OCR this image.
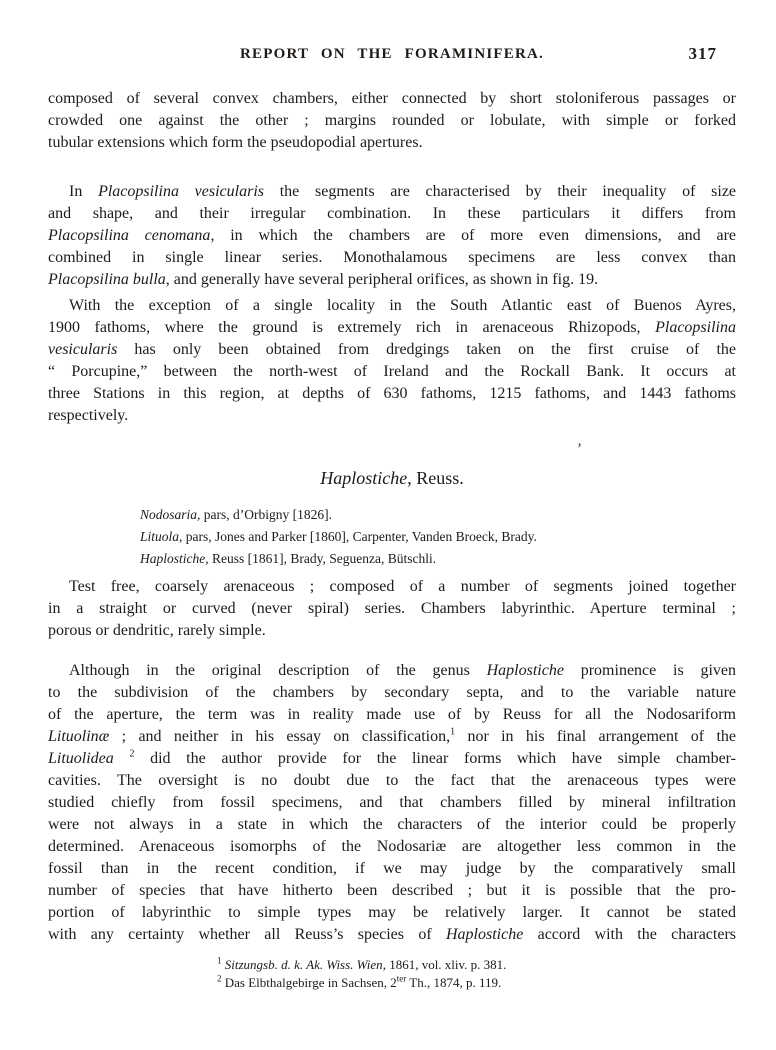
REPORT ON THE FORAMINIFERA.	317
’
composed of several convex chambers, either connected by short stoloniferous passages or
crowded one against the other ; margins rounded or lobulate, with simple or forked
tubular extensions which form the pseudopodial apertures.
In Placopsilina vesicularis the segments are characterised by their inequality of size
and shape, and their irregular combination. In these particulars it differs from
Placopsilina cenomana, in which the chambers are of more even dimensions, and are
combined in single linear series. Monothalamous specimens are less convex than
Placopsilina bulla, and generally have several peripheral orifices, as shown in fig. 19.
With the exception of a single locality in the South Atlantic east of Buenos Ayres,
1900 fathoms, where the ground is extremely rich in arenaceous Rhizopods, Placopsilina
vesicularis has only been obtained from dredgings taken on the first cruise of the
“ Porcupine,” between the north-west of Ireland and the Rockall Bank. It occurs at
three Stations in this region, at depths of 630 fathoms, 1215 fathoms, and 1443 fathoms
respectively.
Haplostiche, Reuss.
Nodosaria, pars, d’Orbigny [1826].
Lituola, pars, Jones and Parker [1860], Carpenter, Vanden Broeck, Brady.
Haplostiche, Reuss [1861], Brady, Seguenza, Bütschli.
Test free, coarsely arenaceous ; composed of a number of segments joined together
in a straight or curved (never spiral) series. Chambers labyrinthic. Aperture terminal ;
porous or dendritic, rarely simple.
Although in the original description of the genus Haplostiche prominence is given
to the subdivision of the chambers by secondary septa, and to the variable nature
of the aperture, the term was in reality made use of by Reuss for all the Nodosariform
Lituolinæ ; and neither in his essay on classification,$^1$ nor in his final arrangement of the
Lituolidea $^2$ did the author provide for the linear forms which have simple chamber-
cavities. The oversight is no doubt due to the fact that the arenaceous types were
studied chiefly from fossil specimens, and that chambers filled by mineral infiltration
were not always in a state in which the characters of the interior could be properly
determined. Arenaceous isomorphs of the Nodosariæ are altogether less common in the
fossil than in the recent condition, if we may judge by the comparatively small
number of species that have hitherto been described ; but it is possible that the pro-
portion of labyrinthic to simple types may be relatively larger. It cannot be stated
with any certainty whether all Reuss’s species of Haplostiche accord with the characters
$^1$ Sitzungsb. d. k. Ak. Wiss. Wien, 1861, vol. xliv. p. 381.
$^2$ Das Elbthalgebirge in Sachsen, $2^{ter}$ Th., 1874, p. 119.
